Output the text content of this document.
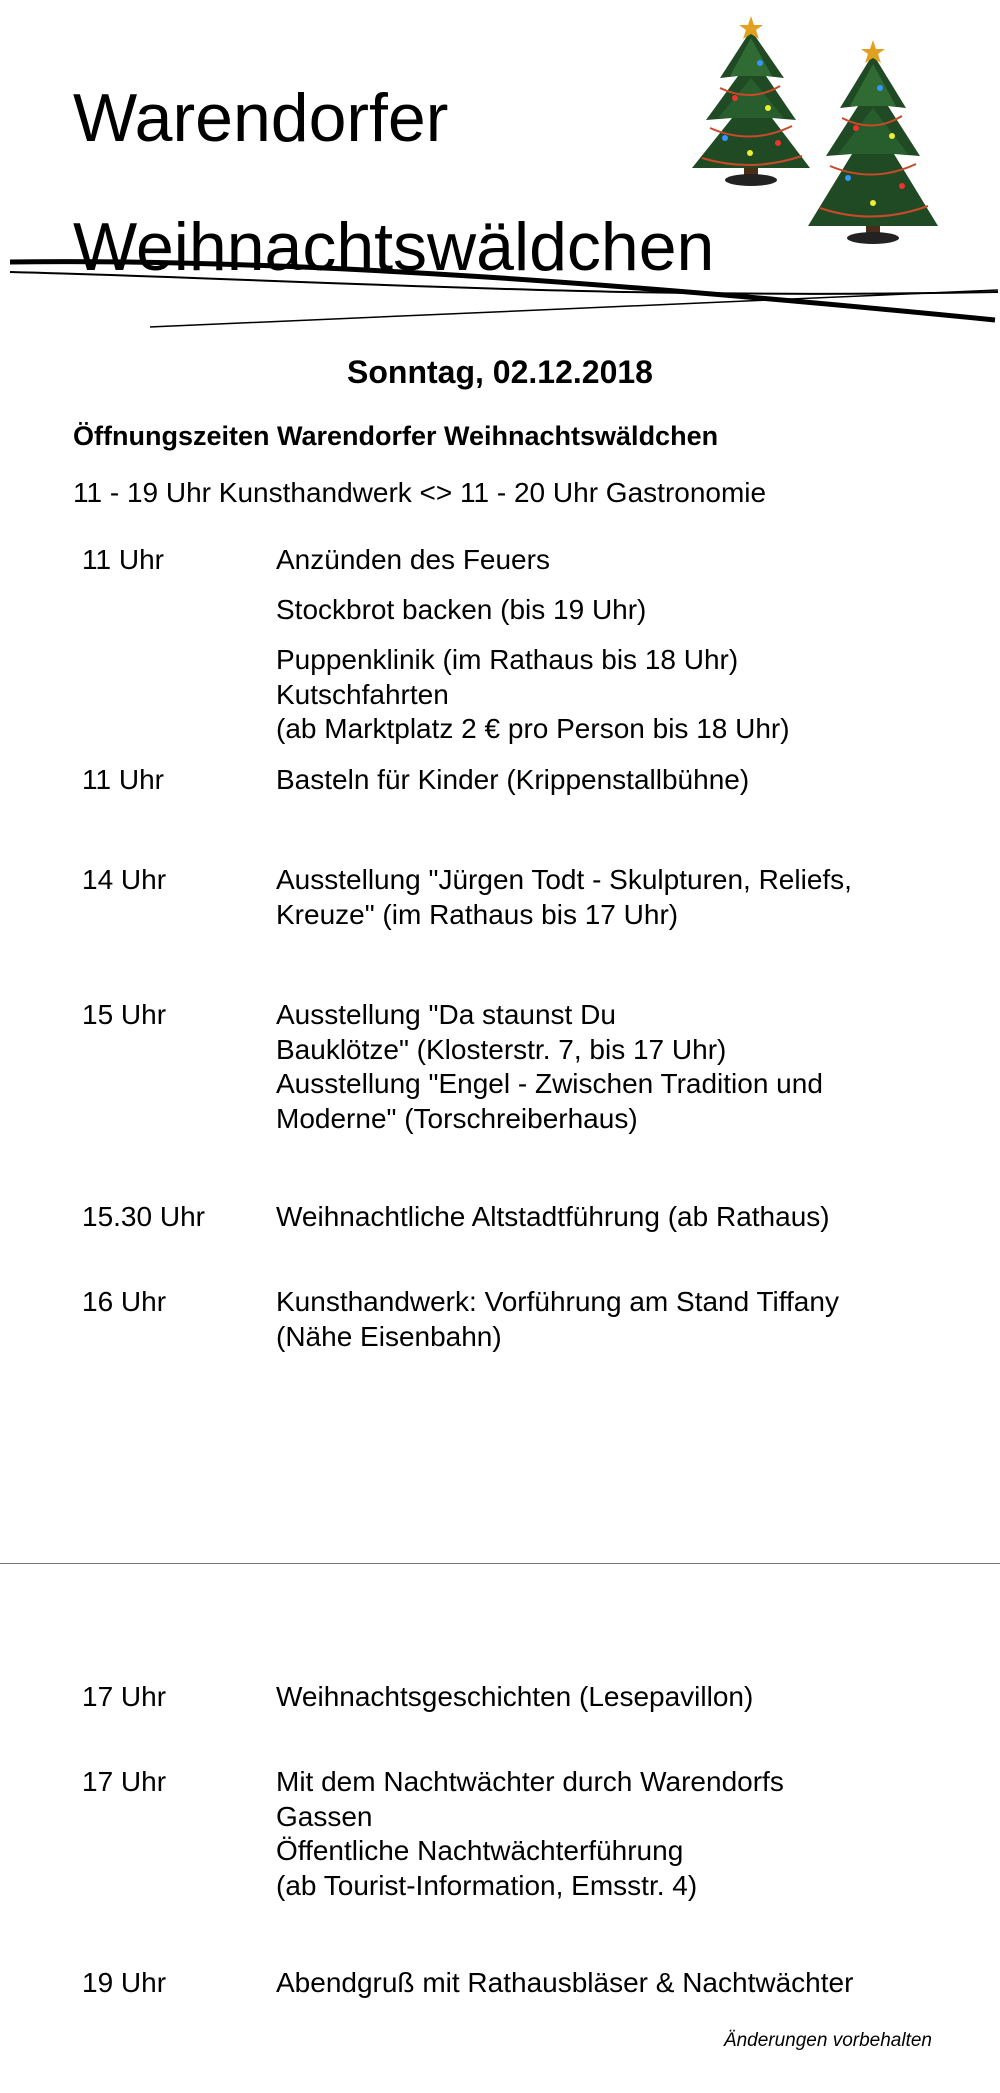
Warendorfer
Weihnachtswäldchen
Sonntag, 02.12.2018
Öffnungszeiten Warendorfer Weihnachtswäldchen
11 - 19 Uhr Kunsthandwerk <> 11 - 20 Uhr Gastronomie
11 Uhr	Anzünden des Feuers
Stockbrot backen (bis 19 Uhr)
Puppenklinik (im Rathaus bis 18 Uhr)
Kutschfahrten
(ab Marktplatz 2 € pro Person bis 18 Uhr)
11 Uhr	Basteln für Kinder (Krippenstallbühne)
14 Uhr	Ausstellung "Jürgen Todt - Skulpturen, Reliefs,
Kreuze" (im Rathaus bis 17 Uhr)
15 Uhr	Ausstellung "Da staunst Du
Bauklötze" (Klosterstr. 7, bis 17 Uhr)
Ausstellung "Engel - Zwischen Tradition und
Moderne" (Torschreiberhaus)
15.30 Uhr	Weihnachtliche Altstadtführung (ab Rathaus)
16 Uhr	Kunsthandwerk: Vorführung am Stand Tiffany
(Nähe Eisenbahn)
17 Uhr	Weihnachtsgeschichten (Lesepavillon)
17 Uhr	Mit dem Nachtwächter durch Warendorfs
Gassen
Öffentliche Nachtwächterführung
(ab Tourist-Information, Emsstr. 4)
19 Uhr	Abendgruß mit Rathausbläser & Nachtwächter
Änderungen vorbehalten
